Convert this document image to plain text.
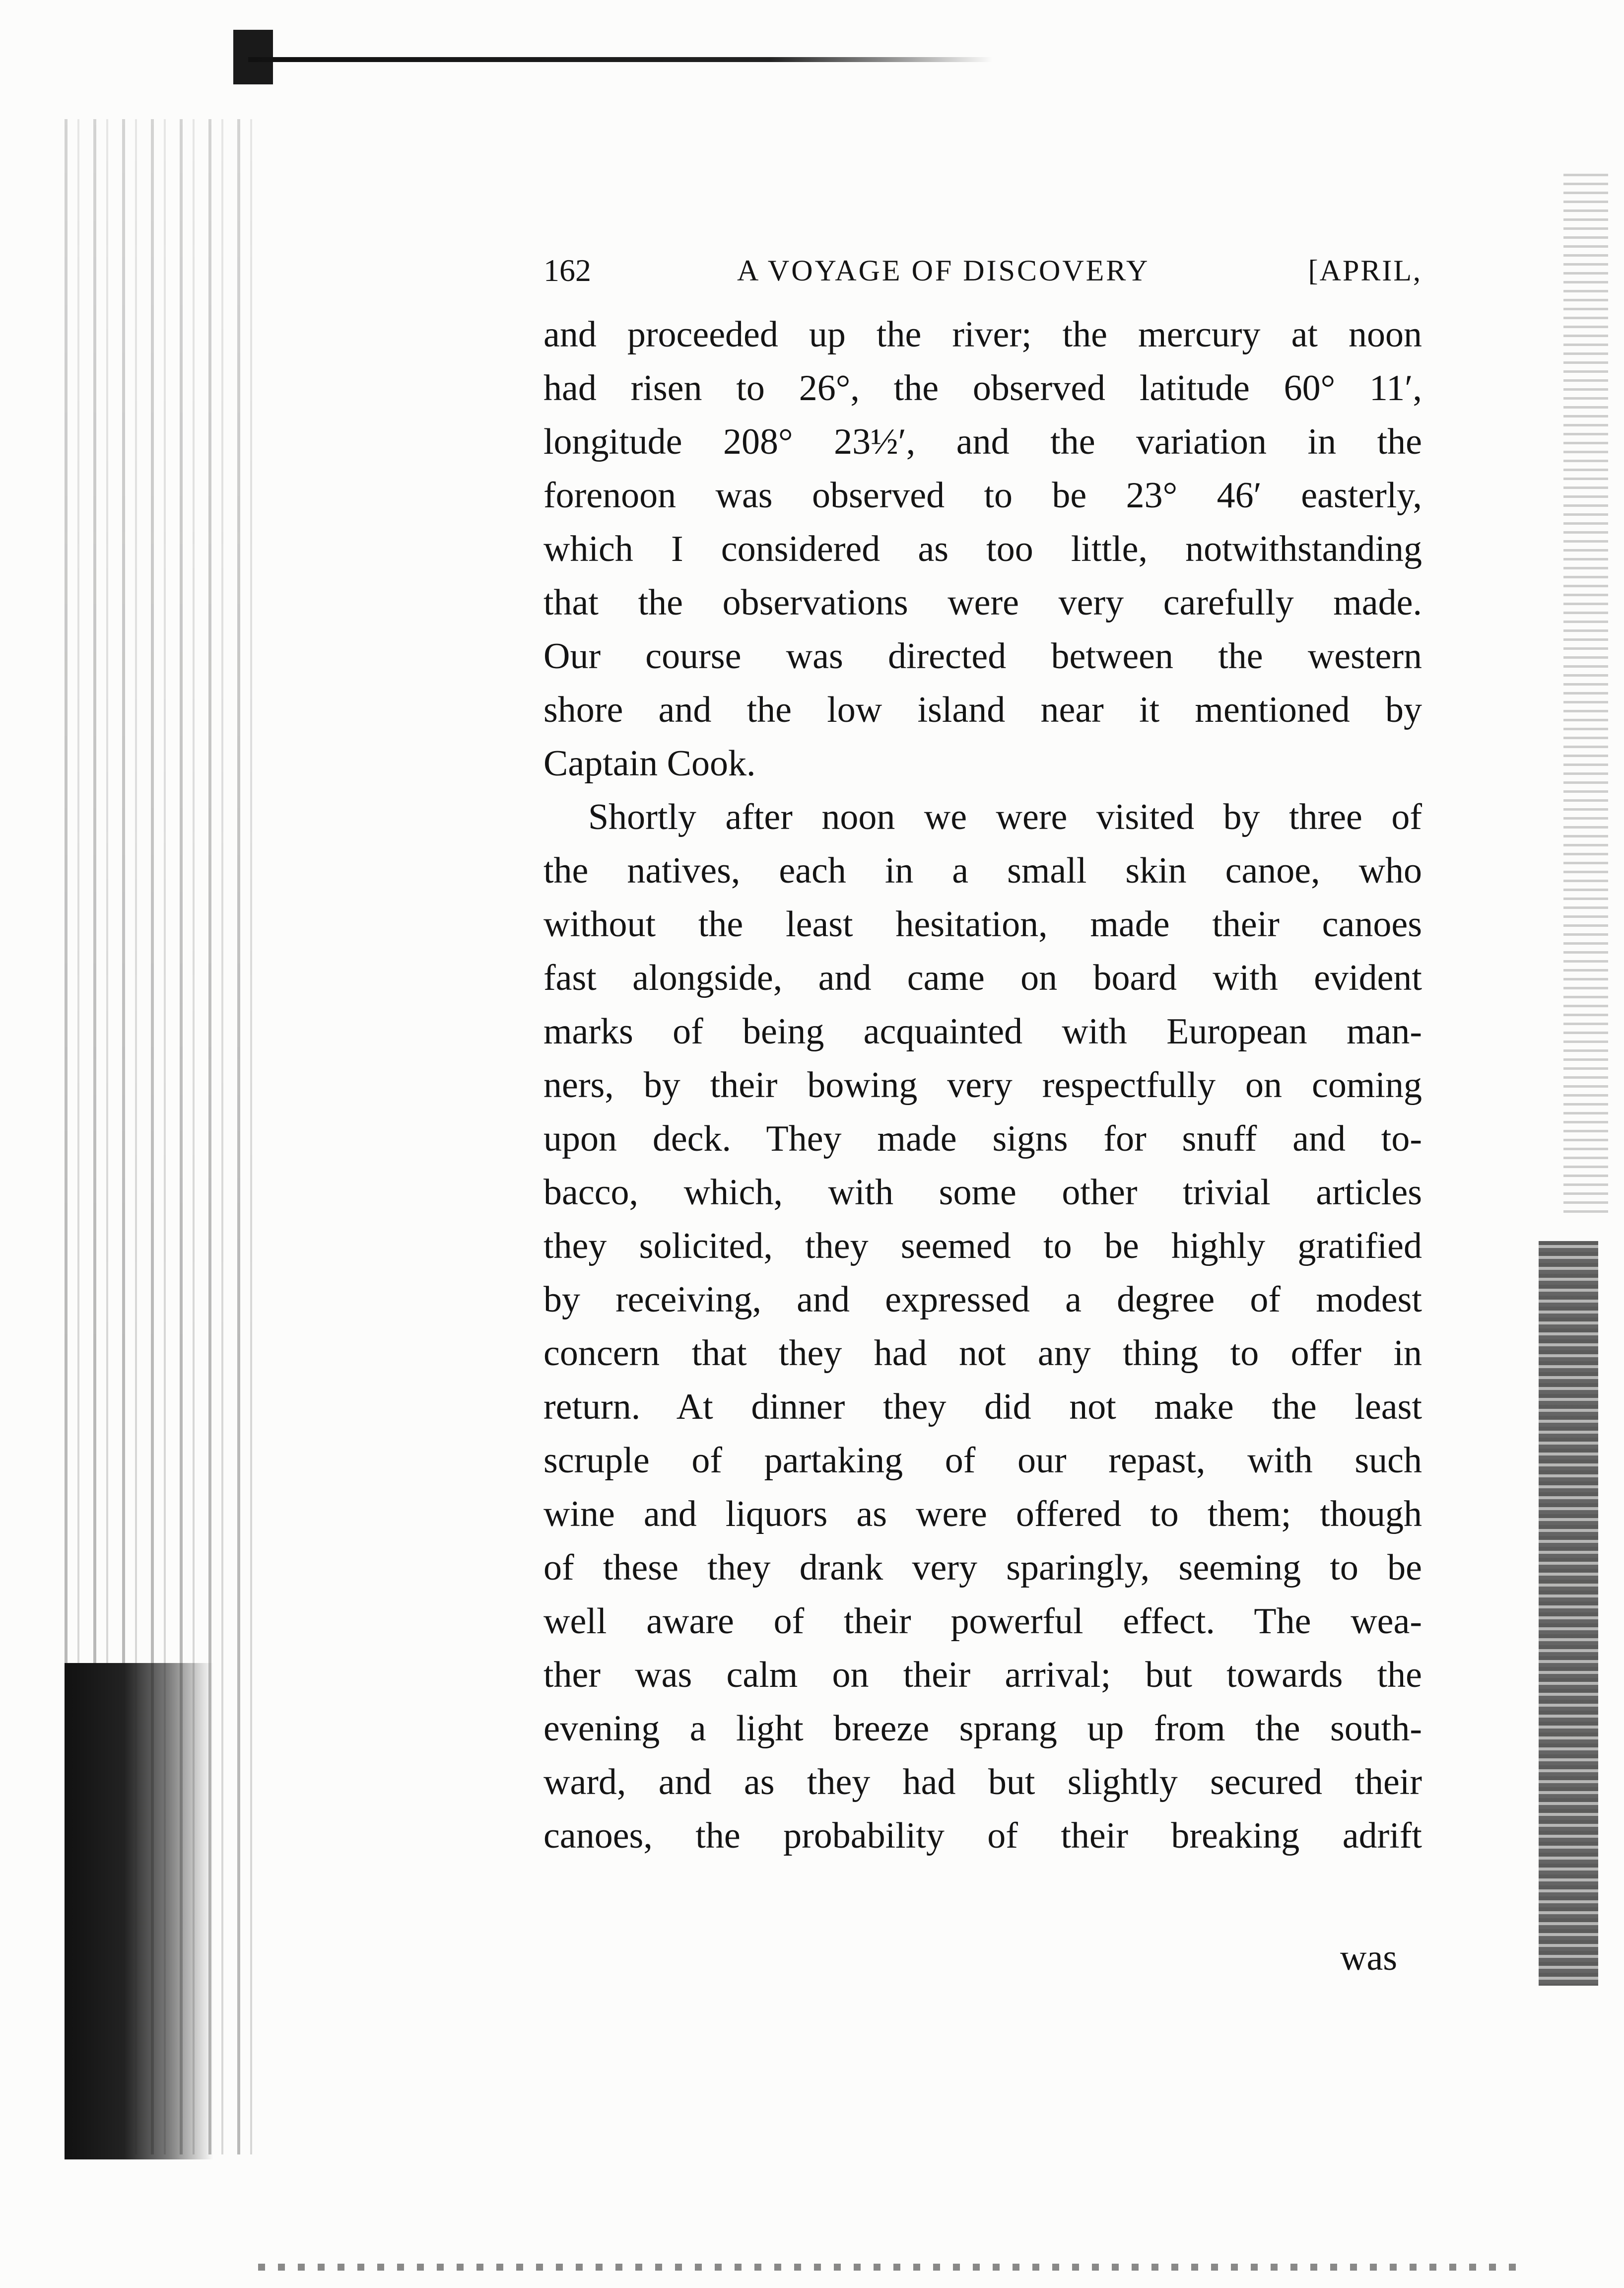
162	A VOYAGE OF DISCOVERY	[APRIL,
and proceeded up the river; the mercury at noon
had risen to 26°, the observed latitude 60° 11′,
longitude 208° 23½′, and the variation in the
forenoon was observed to be 23° 46′ easterly,
which I considered as too little, notwithstanding
that the observations were very carefully made.
Our course was directed between the western
shore and the low island near it mentioned by
Captain Cook.
Shortly after noon we were visited by three of
the natives, each in a small skin canoe, who
without the least hesitation, made their canoes
fast alongside, and came on board with evident
marks of being acquainted with European man-
ners, by their bowing very respectfully on coming
upon deck. They made signs for snuff and to-
bacco, which, with some other trivial articles
they solicited, they seemed to be highly gratified
by receiving, and expressed a degree of modest
concern that they had not any thing to offer in
return. At dinner they did not make the least
scruple of partaking of our repast, with such
wine and liquors as were offered to them; though
of these they drank very sparingly, seeming to be
well aware of their powerful effect. The wea-
ther was calm on their arrival; but towards the
evening a light breeze sprang up from the south-
ward, and as they had but slightly secured their
canoes, the probability of their breaking adrift
was
